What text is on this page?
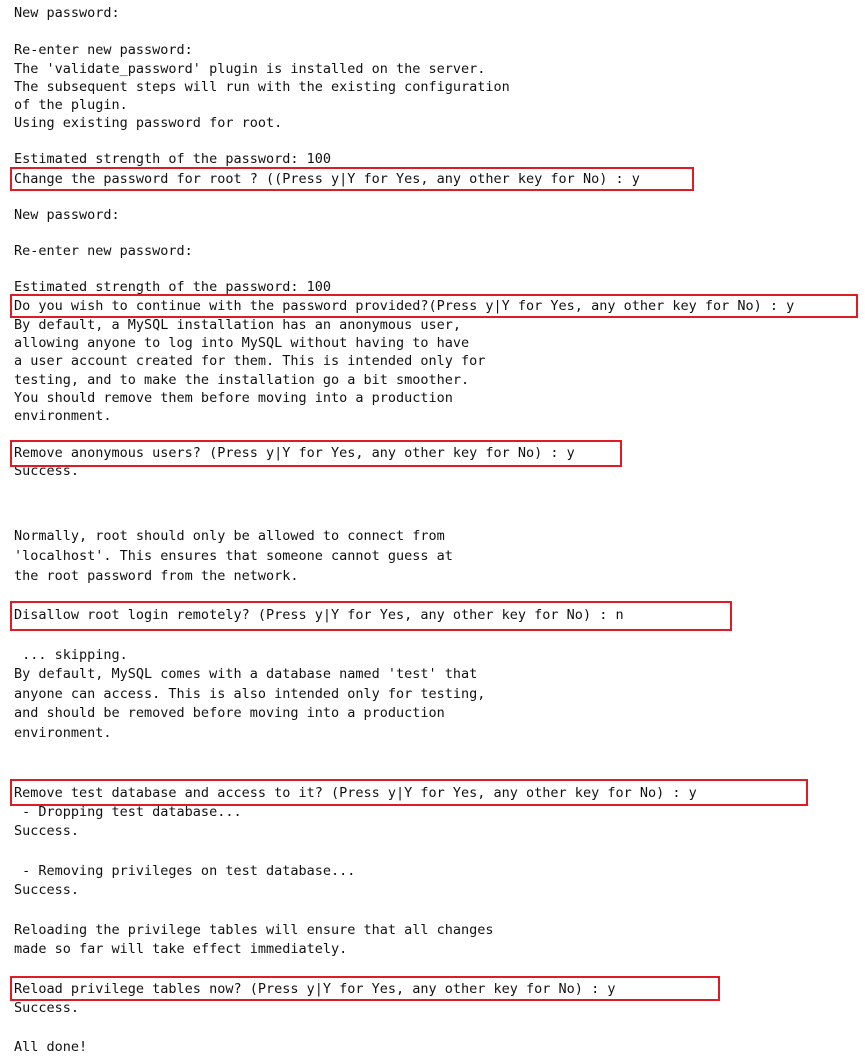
New password:
Re-enter new password:
The 'validate_password' plugin is installed on the server.
The subsequent steps will run with the existing configuration
of the plugin.
Using existing password for root.
Estimated strength of the password: 100
Change the password for root ? ((Press y|Y for Yes, any other key for No) : y
New password:
Re-enter new password:
Estimated strength of the password: 100
Do you wish to continue with the password provided?(Press y|Y for Yes, any other key for No) : y
By default, a MySQL installation has an anonymous user,
allowing anyone to log into MySQL without having to have
a user account created for them. This is intended only for
testing, and to make the installation go a bit smoother.
You should remove them before moving into a production
environment.
Remove anonymous users? (Press y|Y for Yes, any other key for No) : y
Success.
Normally, root should only be allowed to connect from
'localhost'. This ensures that someone cannot guess at
the root password from the network.
Disallow root login remotely? (Press y|Y for Yes, any other key for No) : n
... skipping.
By default, MySQL comes with a database named 'test' that
anyone can access. This is also intended only for testing,
and should be removed before moving into a production
environment.
Remove test database and access to it? (Press y|Y for Yes, any other key for No) : y
- Dropping test database...
Success.
- Removing privileges on test database...
Success.
Reloading the privilege tables will ensure that all changes
made so far will take effect immediately.
Reload privilege tables now? (Press y|Y for Yes, any other key for No) : y
Success.
All done!
